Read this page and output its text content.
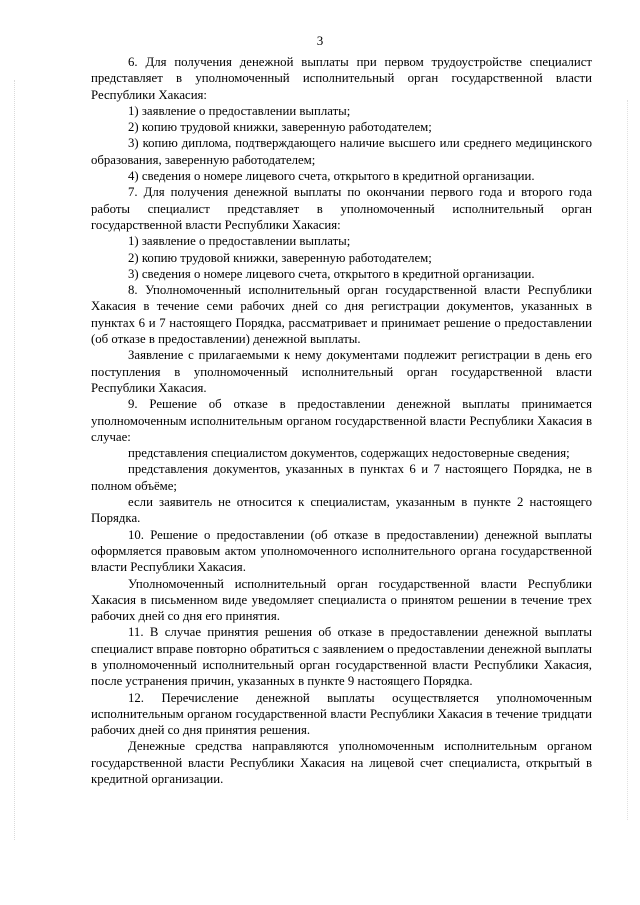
3

6. Для получения денежной выплаты при первом трудоустройстве специалист представляет в уполномоченный исполнительный орган государственной власти Республики Хакасия:

1) заявление о предоставлении выплаты;

2) копию трудовой книжки, заверенную работодателем;

3) копию диплома, подтверждающего наличие высшего или среднего медицинского образования, заверенную работодателем;

4) сведения о номере лицевого счета, открытого в кредитной организации.

7. Для получения денежной выплаты по окончании первого года и второго года работы специалист представляет в уполномоченный исполнительный орган государственной власти Республики Хакасия:

1) заявление о предоставлении выплаты;

2) копию трудовой книжки, заверенную работодателем;

3) сведения о номере лицевого счета, открытого в кредитной организации.

8. Уполномоченный исполнительный орган государственной власти Республики Хакасия в течение семи рабочих дней со дня регистрации документов, указанных в пунктах 6 и 7 настоящего Порядка, рассматривает и принимает решение о предоставлении (об отказе в предоставлении) денежной выплаты.

Заявление с прилагаемыми к нему документами подлежит регистрации в день его поступления в уполномоченный исполнительный орган государственной власти Республики Хакасия.

9. Решение об отказе в предоставлении денежной выплаты принимается уполномоченным исполнительным органом государственной власти Республики Хакасия в случае:

представления специалистом документов, содержащих недостоверные сведения;

представления документов, указанных в пунктах 6 и 7 настоящего Порядка, не в полном объёме;

если заявитель не относится к специалистам, указанным в пункте 2 настоящего Порядка.

10. Решение о предоставлении (об отказе в предоставлении) денежной выплаты оформляется правовым актом уполномоченного исполнительного органа государственной власти Республики Хакасия.

Уполномоченный исполнительный орган государственной власти Республики Хакасия в письменном виде уведомляет специалиста о принятом решении в течение трех рабочих дней со дня его принятия.

11. В случае принятия решения об отказе в предоставлении денежной выплаты специалист вправе повторно обратиться с заявлением о предоставлении денежной выплаты в уполномоченный исполнительный орган государственной власти Республики Хакасия, после устранения причин, указанных в пункте 9 настоящего Порядка.

12. Перечисление денежной выплаты осуществляется уполномоченным исполнительным органом государственной власти Республики Хакасия в течение тридцати рабочих дней со дня принятия решения.

Денежные средства направляются уполномоченным исполнительным органом государственной власти Республики Хакасия на лицевой счет специалиста, открытый в кредитной организации.
